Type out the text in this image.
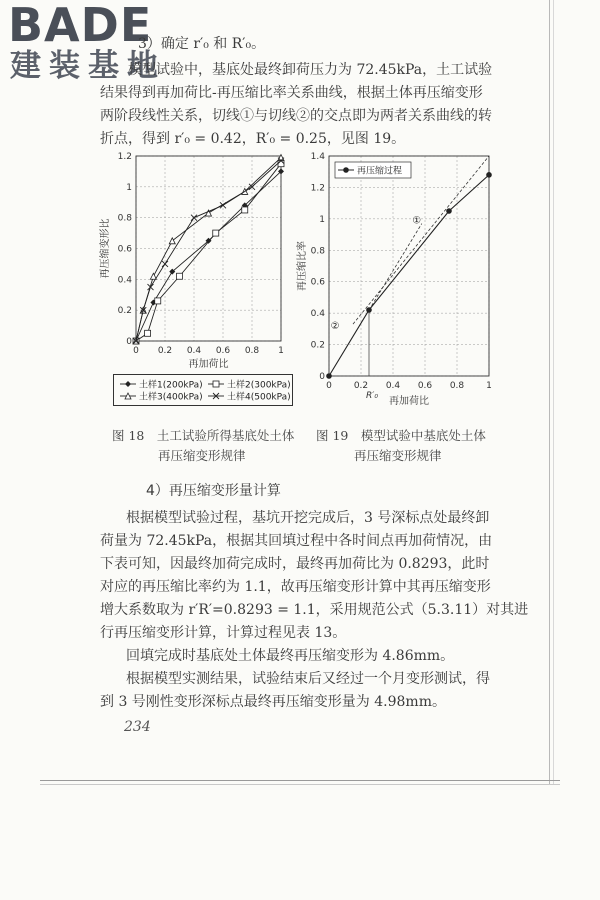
BADE
建装基地
3）确定 r′₀ 和 R′₀。
模型试验中，基底处最终卸荷压力为 72.45kPa，土工试验
结果得到再加荷比-再压缩比率关系曲线，根据土体再压缩变形
两阶段线性关系，切线①与切线②的交点即为两者关系曲线的转
折点，得到 r′₀ = 0.42，R′₀ = 0.25，见图 19。
0 0.2 0.4 0.6 0.8 1
0
0.2
0.4
0.6
0.8
1
1.2
再加荷比
再压缩变形比
土样1(200kPa)	土样2(300kPa)
土样3(400kPa)	土样4(500kPa)
0 0.2 0.4 0.6 0.8 1
0
0.2
0.4
0.6
0.8
1
1.2
1.4
再加荷比
再压缩比率
①
②
R′₀
再压缩过程
图 18　土工试验所得基底处土体
再压缩变形规律
图 19　模型试验中基底处土体
再压缩变形规律
4）再压缩变形量计算
根据模型试验过程，基坑开挖完成后，3 号深标点处最终卸
荷量为 72.45kPa，根据其回填过程中各时间点再加荷情况，由
下表可知，因最终加荷完成时，最终再加荷比为 0.8293，此时
对应的再压缩比率约为 1.1，故再压缩变形计算中其再压缩变形
增大系数取为 r′R′=0.8293 = 1.1，采用规范公式（5.3.11）对其进
行再压缩变形计算，计算过程见表 13。
回填完成时基底处土体最终再压缩变形为 4.86mm。
根据模型实测结果，试验结束后又经过一个月变形测试，得
到 3 号刚性变形深标点最终再压缩变形量为 4.98mm。
234
